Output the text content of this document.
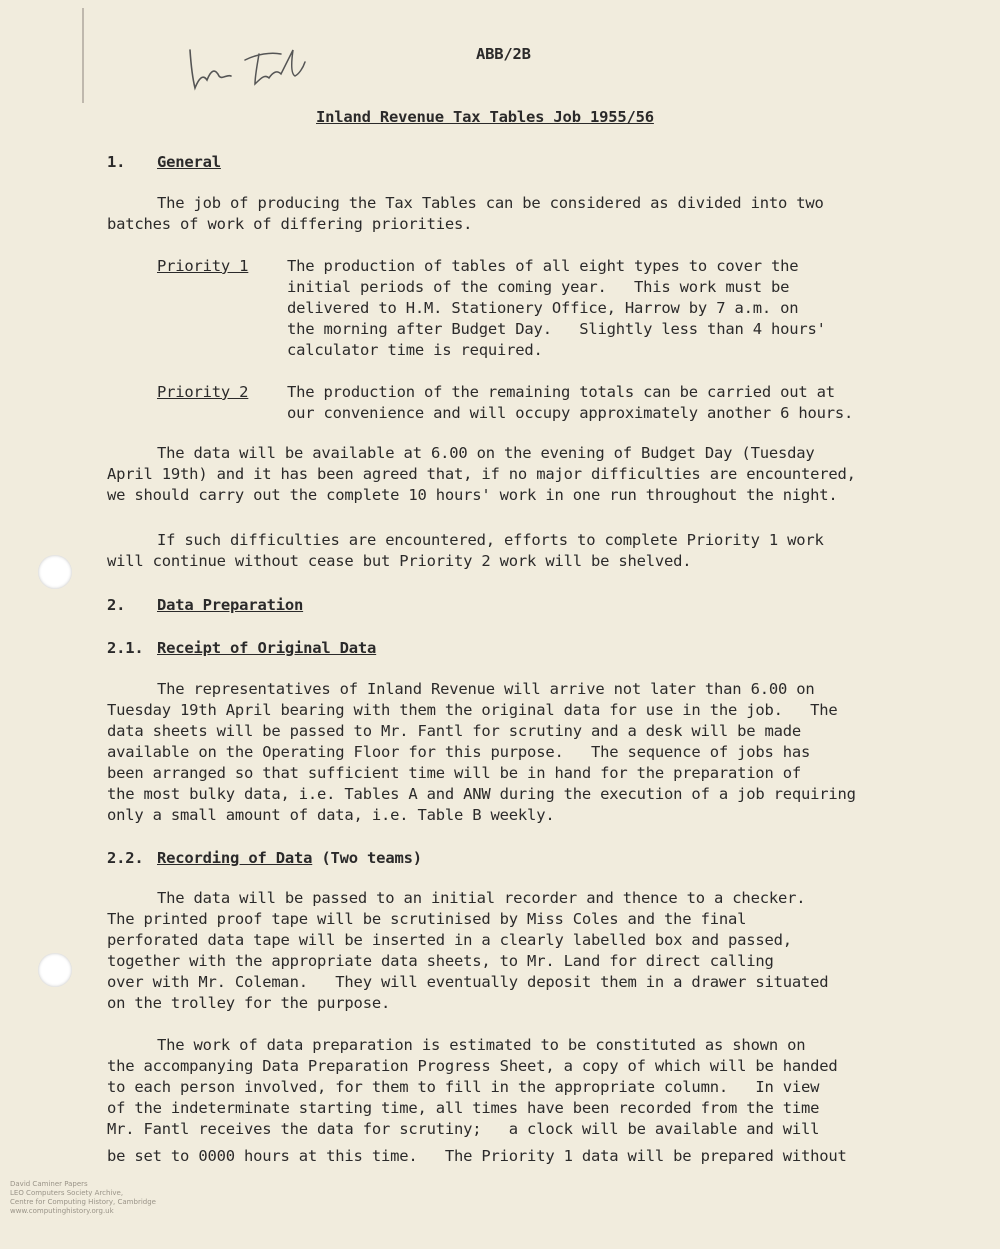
ABB/2B
Inland Revenue Tax Tables Job 1955/56
1. General
The job of producing the Tax Tables can be considered as divided into two
batches of work of differing priorities.
Priority 1 The production of tables of all eight types to cover the
initial periods of the coming year.   This work must be
delivered to H.M. Stationery Office, Harrow by 7 a.m. on
the morning after Budget Day.   Slightly less than 4 hours'
calculator time is required.
Priority 2 The production of the remaining totals can be carried out at
our convenience and will occupy approximately another 6 hours.
The data will be available at 6.00 on the evening of Budget Day (Tuesday
April 19th) and it has been agreed that, if no major difficulties are encountered,
we should carry out the complete 10 hours' work in one run throughout the night.
If such difficulties are encountered, efforts to complete Priority 1 work
will continue without cease but Priority 2 work will be shelved.
2. Data Preparation
2.1. Receipt of Original Data
The representatives of Inland Revenue will arrive not later than 6.00 on
Tuesday 19th April bearing with them the original data for use in the job.   The
data sheets will be passed to Mr. Fantl for scrutiny and a desk will be made
available on the Operating Floor for this purpose.   The sequence of jobs has
been arranged so that sufficient time will be in hand for the preparation of
the most bulky data, i.e. Tables A and ANW during the execution of a job requiring
only a small amount of data, i.e. Table B weekly.
2.2. Recording of Data (Two teams)
The data will be passed to an initial recorder and thence to a checker.
The printed proof tape will be scrutinised by Miss Coles and the final
perforated data tape will be inserted in a clearly labelled box and passed,
together with the appropriate data sheets, to Mr. Land for direct calling
over with Mr. Coleman.   They will eventually deposit them in a drawer situated
on the trolley for the purpose.
The work of data preparation is estimated to be constituted as shown on
the accompanying Data Preparation Progress Sheet, a copy of which will be handed
to each person involved, for them to fill in the appropriate column.   In view
of the indeterminate starting time, all times have been recorded from the time
Mr. Fantl receives the data for scrutiny;   a clock will be available and will
be set to 0000 hours at this time.   The Priority 1 data will be prepared without
David Caminer Papers
LEO Computers Society Archive,
Centre for Computing History, Cambridge
www.computinghistory.org.uk
